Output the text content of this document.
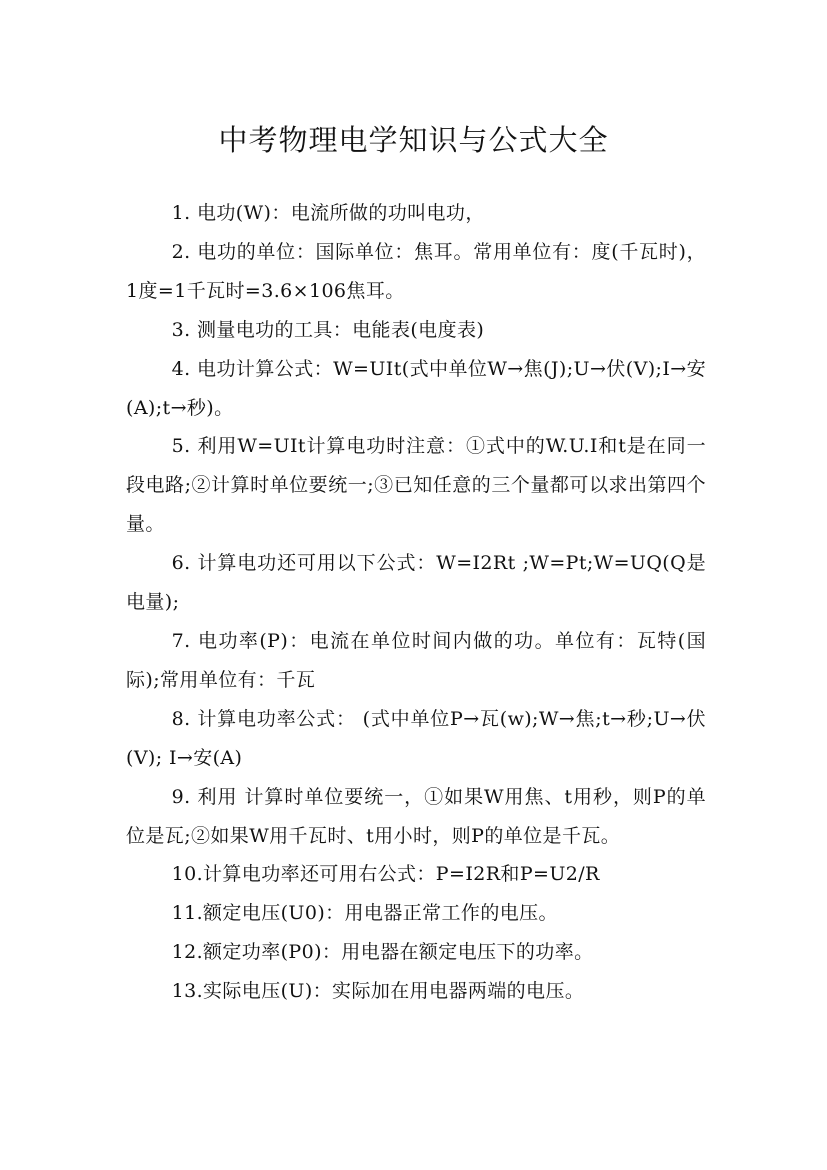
中考物理电学知识与公式大全

1. 电功(W)：电流所做的功叫电功，

2. 电功的单位：国际单位：焦耳。常用单位有：度(千瓦时)，1度=1千瓦时=3.6×106焦耳。

3. 测量电功的工具：电能表(电度表)

4. 电功计算公式：W=UIt(式中单位W→焦(J);U→伏(V);I→安(A);t→秒)。

5. 利用W=UIt计算电功时注意：①式中的W.U.I和t是在同一段电路;②计算时单位要统一;③已知任意的三个量都可以求出第四个量。

6. 计算电功还可用以下公式：W=I2Rt ;W=Pt;W=UQ(Q是电量);

7. 电功率(P)：电流在单位时间内做的功。单位有：瓦特(国际);常用单位有：千瓦

8. 计算电功率公式： (式中单位P→瓦(w);W→焦;t→秒;U→伏(V); I→安(A)

9. 利用 计算时单位要统一，①如果W用焦、t用秒，则P的单位是瓦;②如果W用千瓦时、t用小时，则P的单位是千瓦。

10.计算电功率还可用右公式：P=I2R和P=U2/R

11.额定电压(U0)：用电器正常工作的电压。

12.额定功率(P0)：用电器在额定电压下的功率。

13.实际电压(U)：实际加在用电器两端的电压。
